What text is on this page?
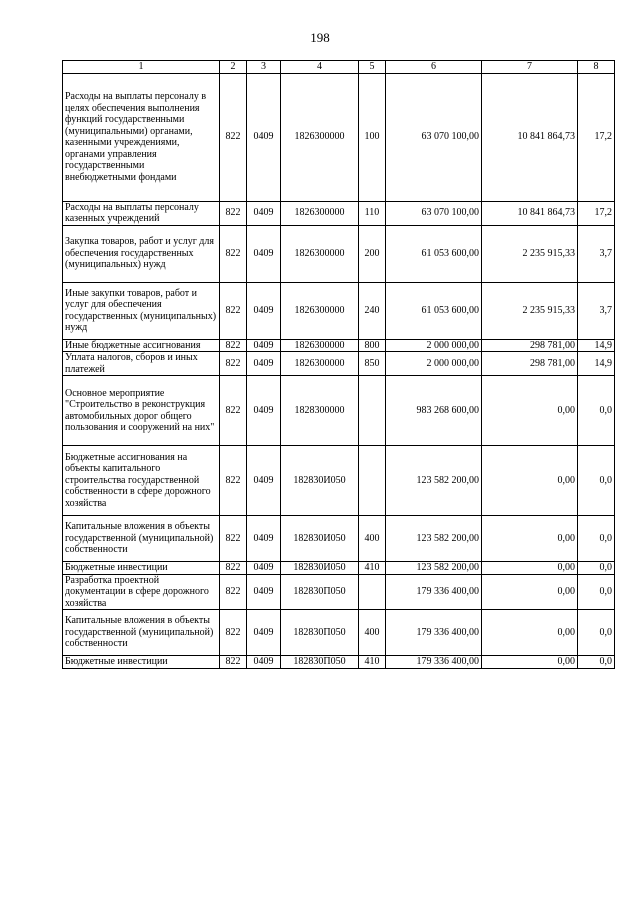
198
1	2	3	4	5	6	7	8
Расходы на выплаты персоналу в целях обеспечения выполнения функций государственными (муниципальными) органами, казенными учреждениями, органами управления государственными внебюджетными фондами	822	0409	1826300000	100	63 070 100,00	10 841 864,73	17,2
Расходы на выплаты персоналу казенных учреждений	822	0409	1826300000	110	63 070 100,00	10 841 864,73	17,2
Закупка товаров, работ и услуг для обеспечения государственных (муниципальных) нужд	822	0409	1826300000	200	61 053 600,00	2 235 915,33	3,7
Иные закупки товаров, работ и услуг для обеспечения государственных (муниципальных) нужд	822	0409	1826300000	240	61 053 600,00	2 235 915,33	3,7
Иные бюджетные ассигнования	822	0409	1826300000	800	2 000 000,00	298 781,00	14,9
Уплата налогов, сборов и иных платежей	822	0409	1826300000	850	2 000 000,00	298 781,00	14,9
Основное мероприятие "Строительство в реконструкция автомобильных дорог общего пользования и сооружений на них"	822	0409	1828300000		983 268 600,00	0,00	0,0
Бюджетные ассигнования на объекты капитального строительства государственной собственности в сфере дорожного хозяйства	822	0409	182830И050		123 582 200,00	0,00	0,0
Капитальные вложения в объекты государственной (муниципальной) собственности	822	0409	182830И050	400	123 582 200,00	0,00	0,0
Бюджетные инвестиции	822	0409	182830И050	410	123 582 200,00	0,00	0,0
Разработка проектной документации в сфере дорожного хозяйства	822	0409	182830П050		179 336 400,00	0,00	0,0
Капитальные вложения в объекты государственной (муниципальной) собственности	822	0409	182830П050	400	179 336 400,00	0,00	0,0
Бюджетные инвестиции	822	0409	182830П050	410	179 336 400,00	0,00	0,0
